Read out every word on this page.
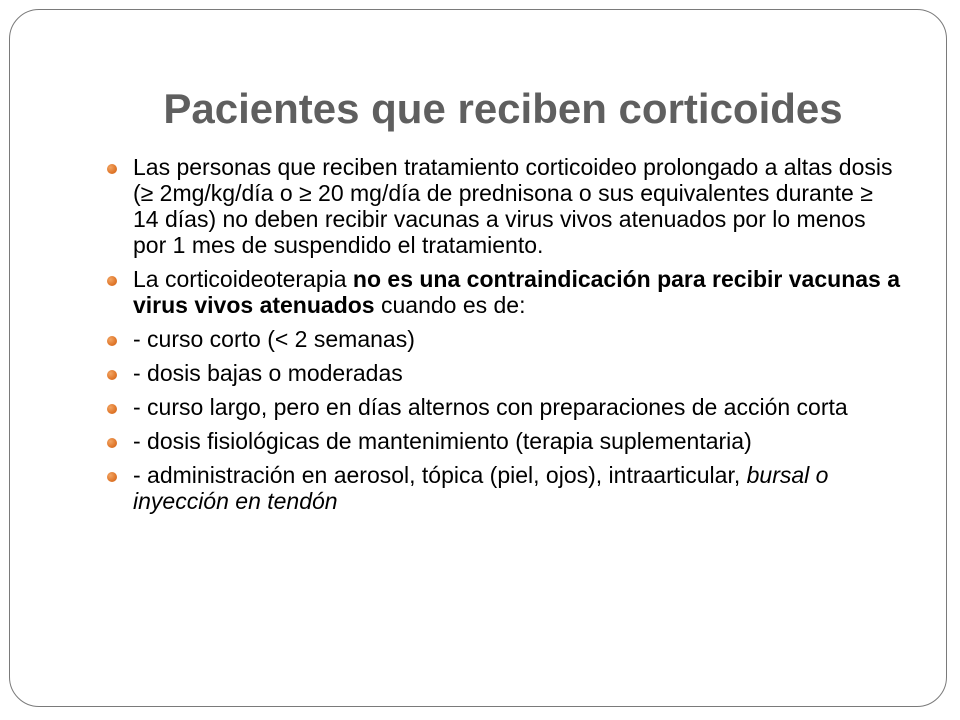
Pacientes que reciben corticoides
Las personas que reciben tratamiento corticoideo prolongado a altas dosis (≥ 2mg/kg/día o ≥ 20 mg/día de prednisona o sus equivalentes durante ≥ 14 días) no deben recibir vacunas a virus vivos atenuados por lo menos por 1 mes de suspendido el tratamiento.
La corticoideoterapia no es una contraindicación para recibir vacunas a virus vivos atenuados cuando es de:
- curso corto (< 2 semanas)
- dosis bajas o moderadas
- curso largo, pero en días alternos con preparaciones de acción corta
- dosis fisiológicas de mantenimiento (terapia suplementaria)
- administración en aerosol, tópica (piel, ojos), intraarticular, bursal o inyección en tendón
